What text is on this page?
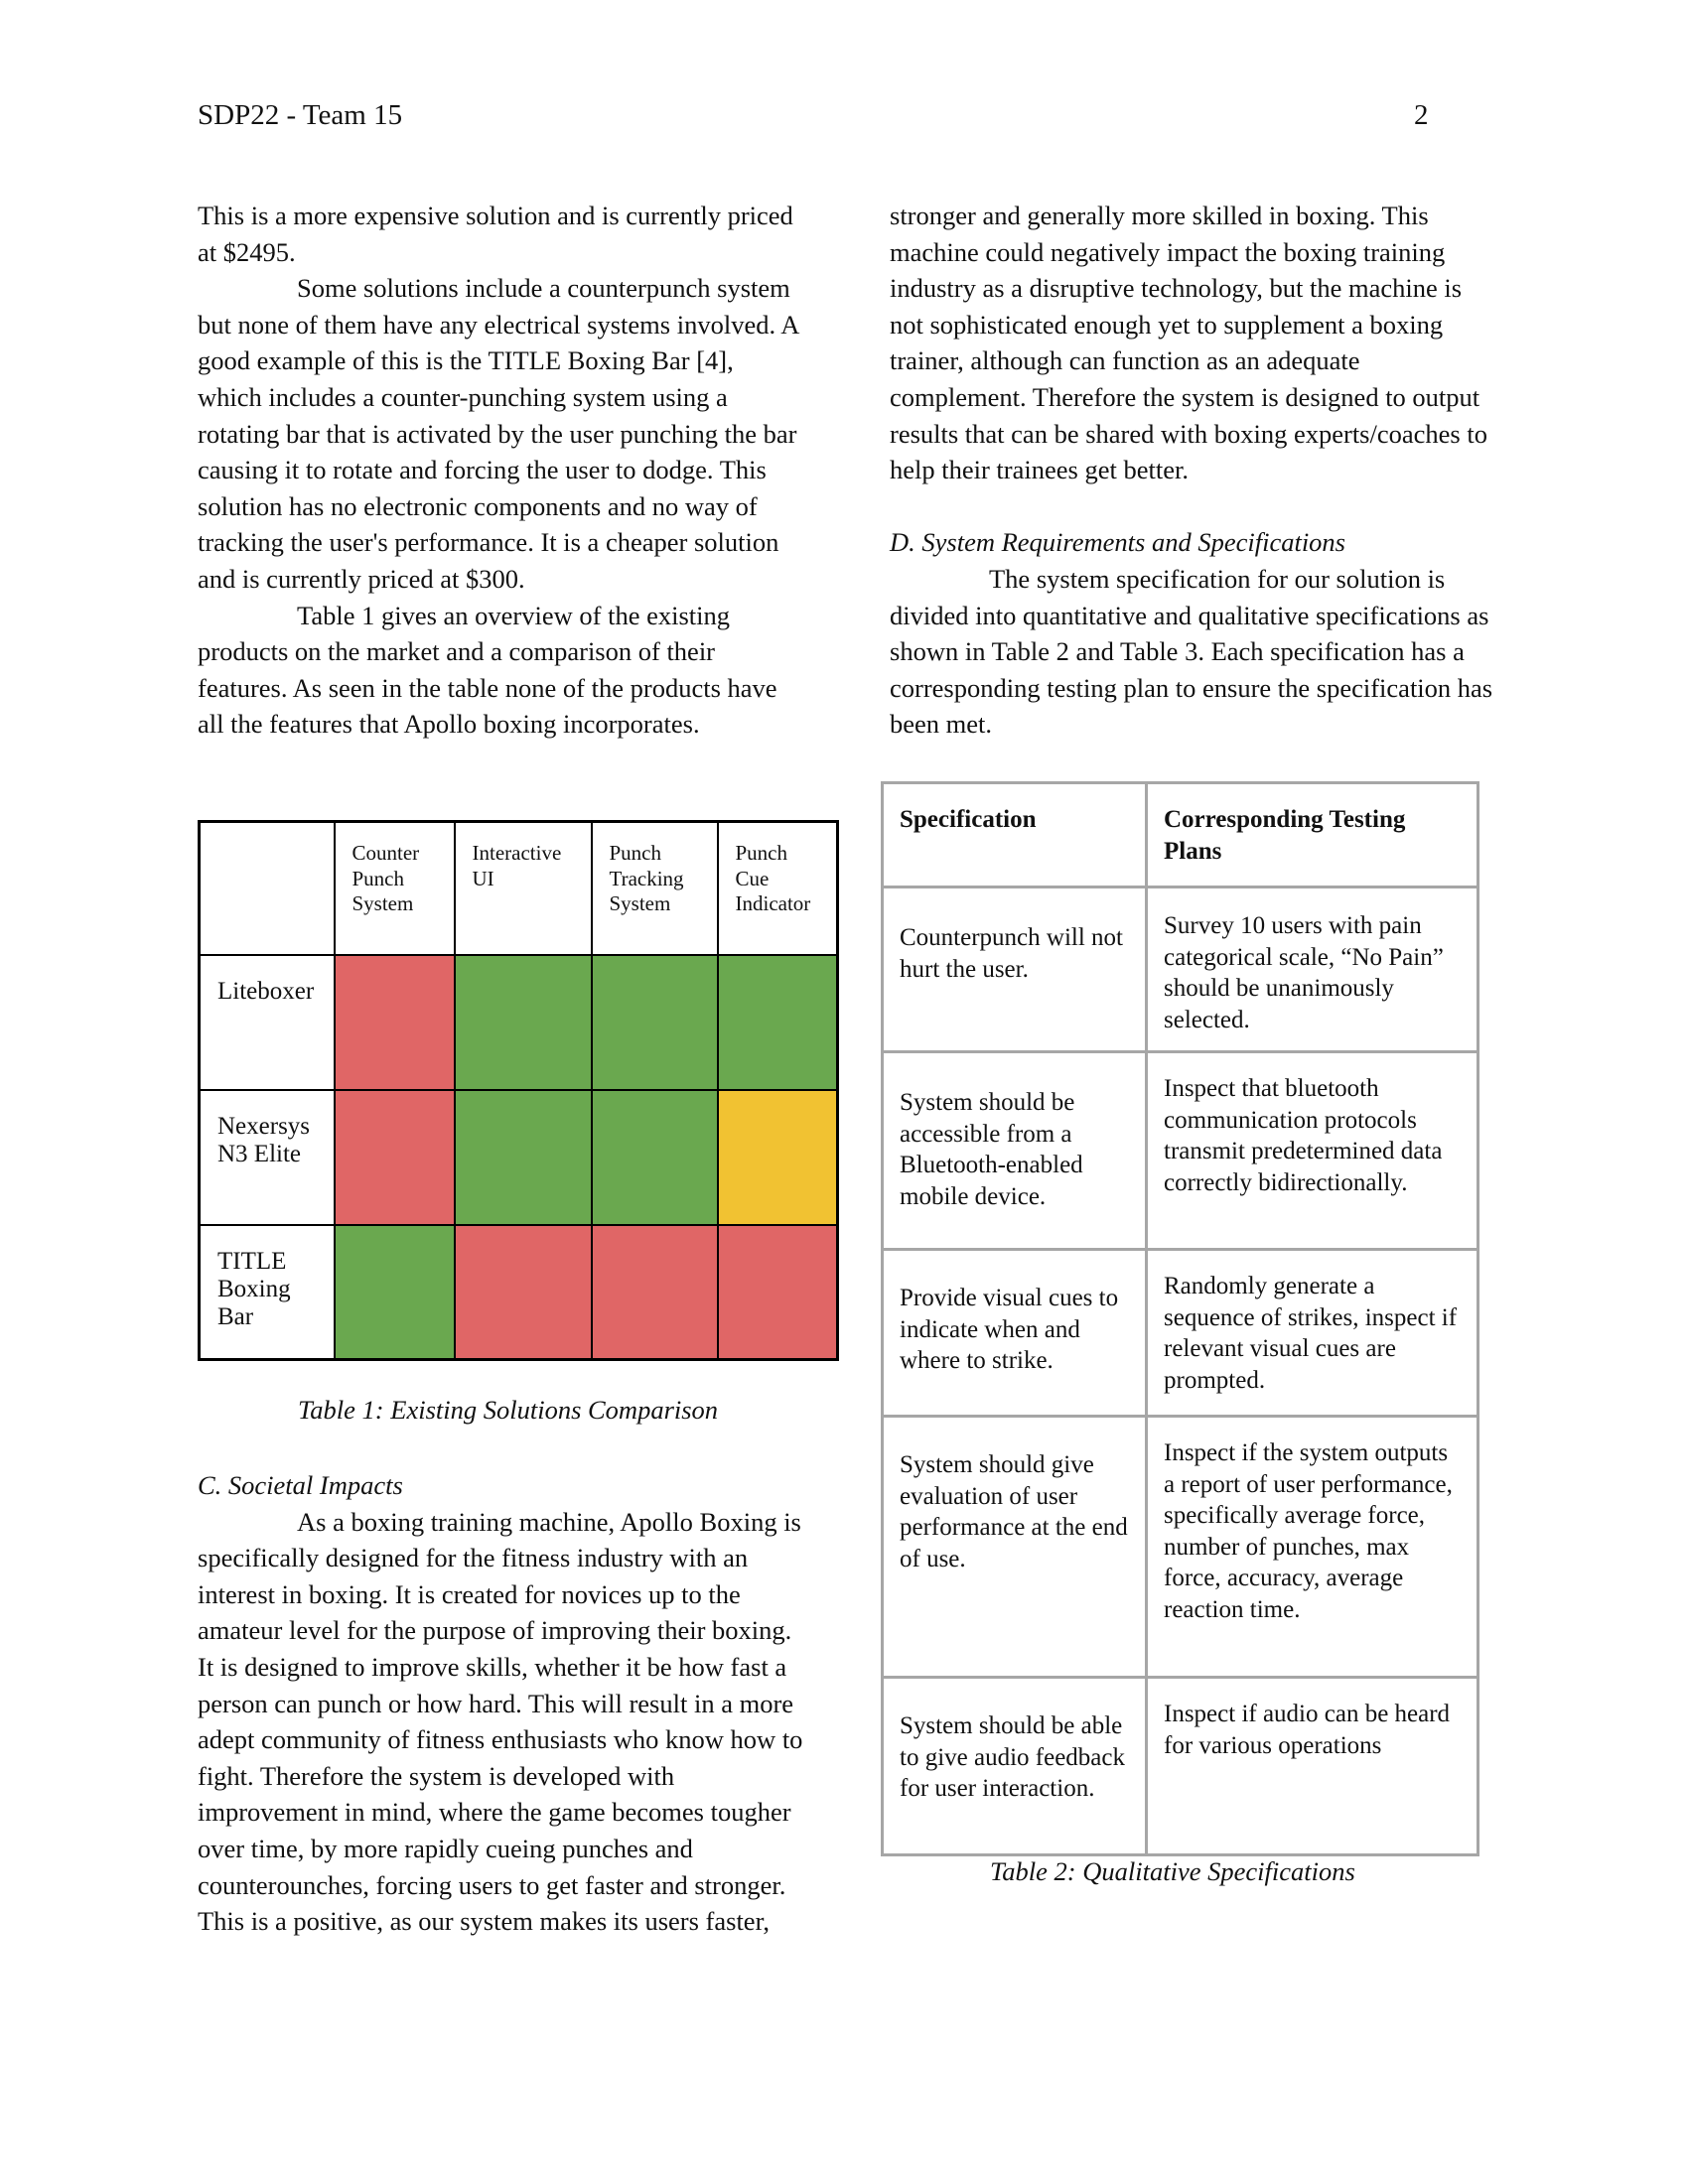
SDP22 - Team 15	2

This is a more expensive solution and is currently priced at $2495.

Some solutions include a counterpunch system but none of them have any electrical systems involved. A good example of this is the TITLE Boxing Bar [4], which includes a counter-punching system using a rotating bar that is activated by the user punching the bar causing it to rotate and forcing the user to dodge. This solution has no electronic components and no way of tracking the user's performance. It is a cheaper solution and is currently priced at $300.

Table 1 gives an overview of the existing products on the market and a comparison of their features. As seen in the table none of the products have all the features that Apollo boxing incorporates.

	Counter Punch System	Interactive UI	Punch Tracking System	Punch Cue Indicator
Liteboxer				
Nexersys N3 Elite				
TITLE Boxing Bar				
Table 1: Existing Solutions Comparison

C. Societal Impacts

As a boxing training machine, Apollo Boxing is specifically designed for the fitness industry with an interest in boxing. It is created for novices up to the amateur level for the purpose of improving their boxing. It is designed to improve skills, whether it be how fast a person can punch or how hard. This will result in a more adept community of fitness enthusiasts who know how to fight. Therefore the system is developed with improvement in mind, where the game becomes tougher over time, by more rapidly cueing punches and counterounches, forcing users to get faster and stronger. This is a positive, as our system makes its users faster,

stronger and generally more skilled in boxing. This machine could negatively impact the boxing training industry as a disruptive technology, but the machine is not sophisticated enough yet to supplement a boxing trainer, although can function as an adequate complement. Therefore the system is designed to output results that can be shared with boxing experts/coaches to help their trainees get better.

D. System Requirements and Specifications

The system specification for our solution is divided into quantitative and qualitative specifications as shown in Table 2 and Table 3. Each specification has a corresponding testing plan to ensure the specification has been met.

Specification	Corresponding Testing Plans
Counterpunch will not hurt the user.	Survey 10 users with pain categorical scale, “No Pain” should be unanimously selected.
System should be accessible from a Bluetooth-enabled mobile device.	Inspect that bluetooth communication protocols transmit predetermined data correctly bidirectionally.
Provide visual cues to indicate when and where to strike.	Randomly generate a sequence of strikes, inspect if relevant visual cues are prompted.
System should give evaluation of user performance at the end of use.	Inspect if the system outputs a report of user performance, specifically average force, number of punches, max force, accuracy, average reaction time.
System should be able to give audio feedback for user interaction.	Inspect if audio can be heard for various operations
Table 2: Qualitative Specifications
